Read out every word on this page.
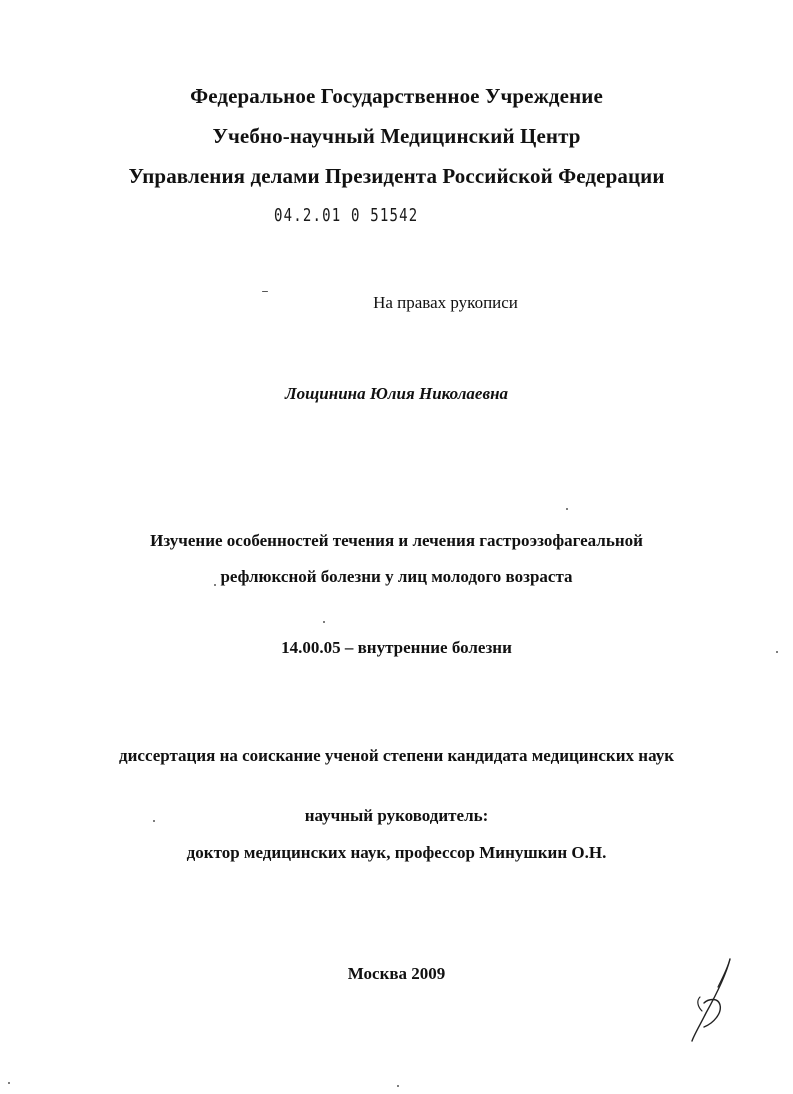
Федеральное Государственное Учреждение
Учебно-научный Медицинский Центр
Управления делами Президента Российской Федерации
04.2.01 0 51542
На правах рукописи
Лощинина Юлия Николаевна
Изучение особенностей течения и лечения гастроэзофагеальной
рефлюксной болезни у лиц молодого возраста
14.00.05 – внутренние болезни
диссертация на соискание ученой степени кандидата медицинских наук
научный руководитель:
доктор медицинских наук, профессор Минушкин О.Н.
Москва 2009
